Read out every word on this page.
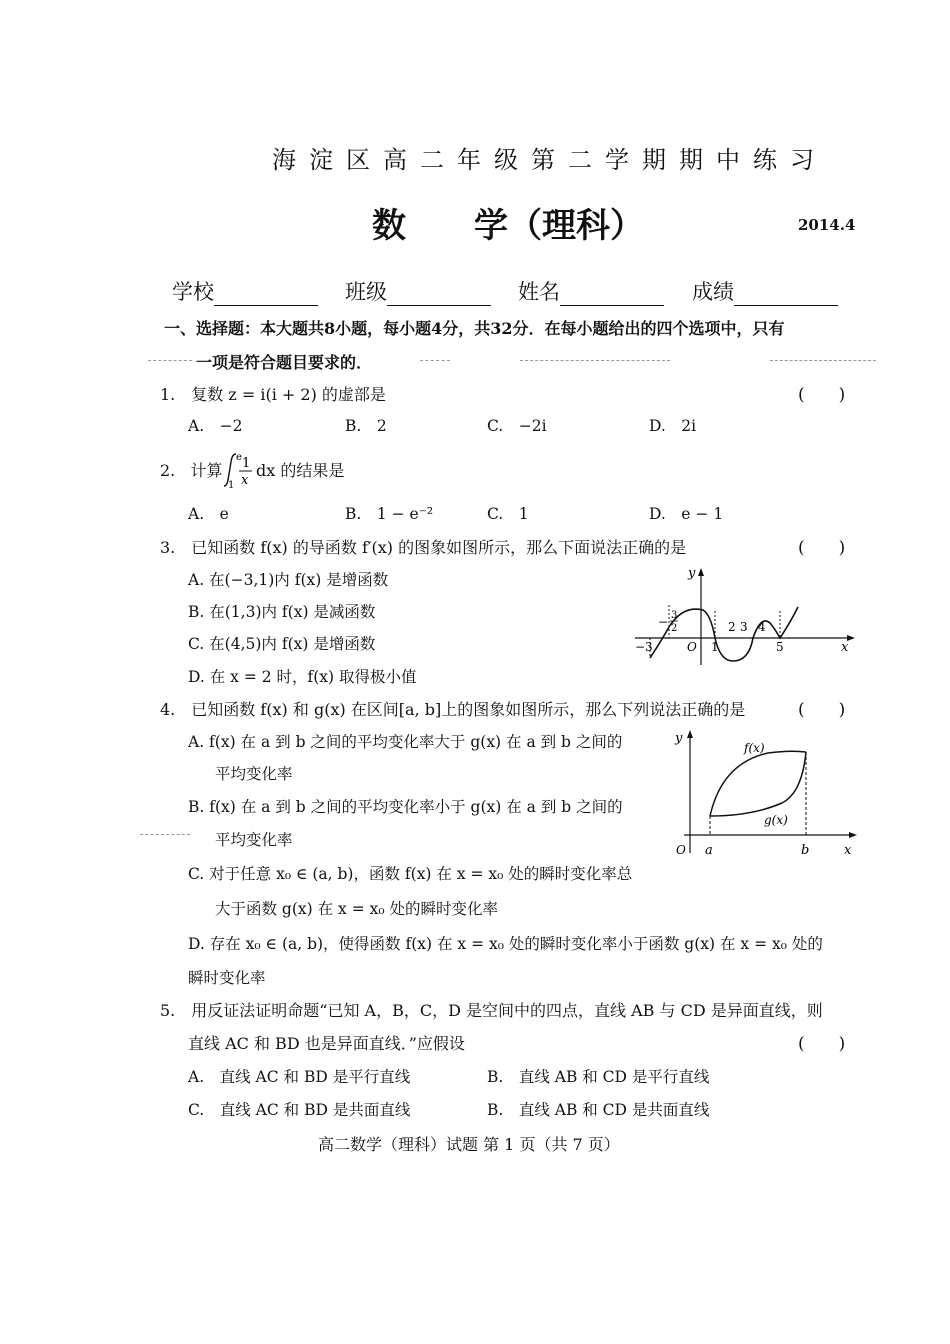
海淀区高二年级第二学期期中练习
数　　学（理科）	2014.4
学校	班级	姓名	成绩
一、选择题：本大题共8小题，每小题4分，共32分．在每小题给出的四个选项中，只有
一项是符合题目要求的．
1.　复数 z = i(i + 2) 的虚部是	(　　)
A.　−2	B.　2	C.　−2i	D.　2i
2. 计算
e
1
1
x
dx 的结果是
A.　e	B.　1 − e⁻²	C.　1	D.　e − 1
3.　已知函数 f(x) 的导函数 f′(x) 的图象如图所示，那么下面说法正确的是	(　　)
A. 在(−3,1)内 f(x) 是增函数
B. 在(1,3)内 f(x) 是减函数
C. 在(4,5)内 f(x) 是增函数
D. 在 x = 2 时，f(x) 取得极小值
y
x
O
−3
− 3
2
1
2 3 4
5
4.　已知函数 f(x) 和 g(x) 在区间[a, b]上的图象如图所示，那么下列说法正确的是	(　　)
A. f(x) 在 a 到 b 之间的平均变化率大于 g(x) 在 a 到 b 之间的
平均变化率
B. f(x) 在 a 到 b 之间的平均变化率小于 g(x) 在 a 到 b 之间的
平均变化率
C. 对于任意 x₀ ∈ (a, b)，函数 f(x) 在 x = x₀ 处的瞬时变化率总
大于函数 g(x) 在 x = x₀ 处的瞬时变化率
D. 存在 x₀ ∈ (a, b)，使得函数 f(x) 在 x = x₀ 处的瞬时变化率小于函数 g(x) 在 x = x₀ 处的
瞬时变化率
y
x
O a	b
f(x)
g(x)
5.　用反证法证明命题“已知 A，B，C，D 是空间中的四点，直线 AB 与 CD 是异面直线，则
直线 AC 和 BD 也是异面直线．”应假设	(　　)
A.　直线 AC 和 BD 是平行直线	B.　直线 AB 和 CD 是平行直线
C.　直线 AC 和 BD 是共面直线	B.　直线 AB 和 CD 是共面直线
高二数学（理科）试题 第 1 页（共 7 页）
